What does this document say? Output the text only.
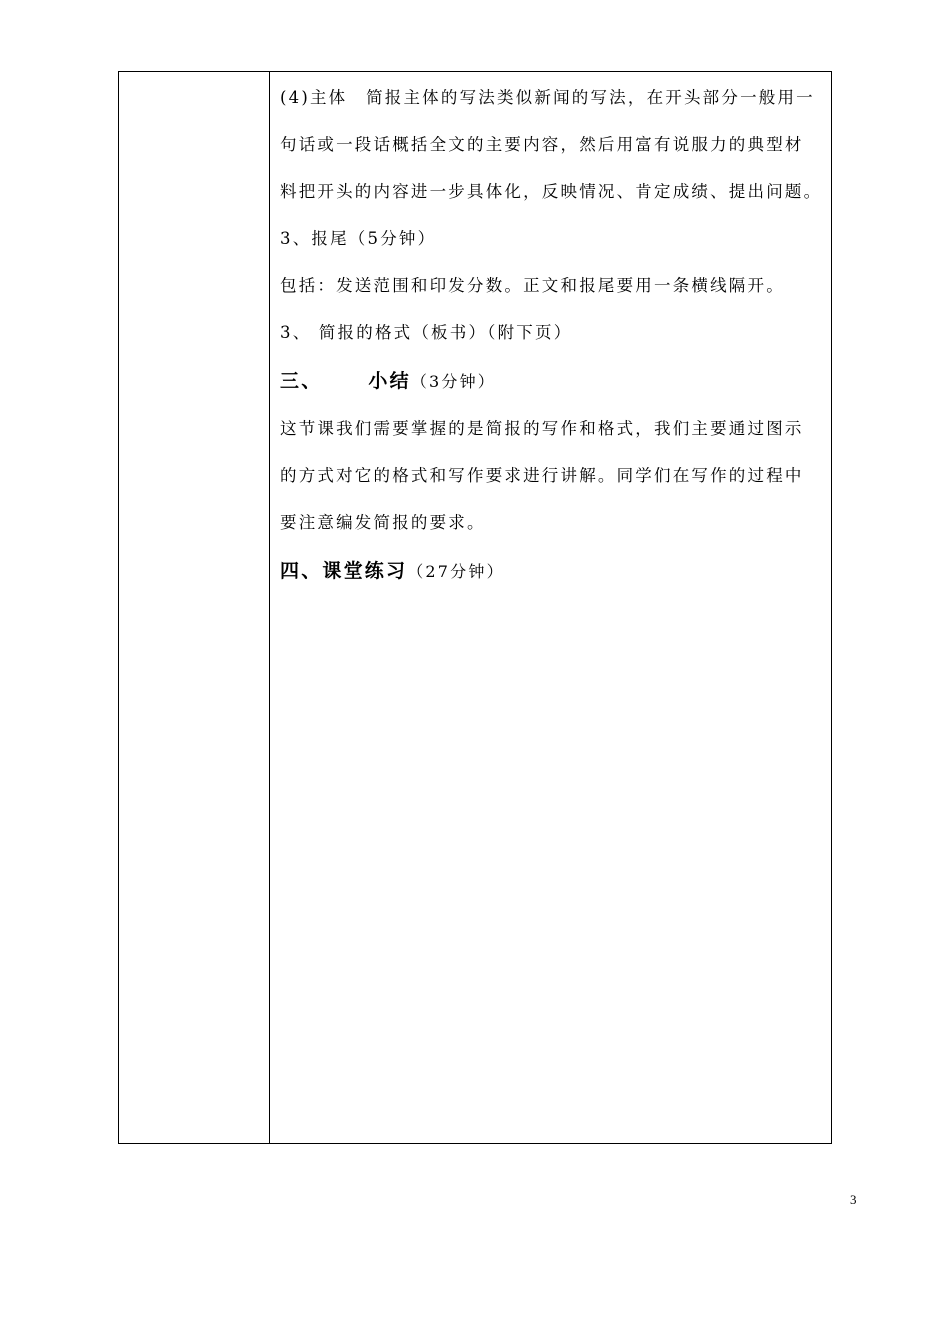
(4)主体　简报主体的写法类似新闻的写法，在开头部分一般用一
句话或一段话概括全文的主要内容，然后用富有说服力的典型材
料把开头的内容进一步具体化，反映情况、肯定成绩、提出问题。
3、报尾（5分钟）
包括：发送范围和印发分数。正文和报尾要用一条横线隔开。
3、 简报的格式（板书）（附下页）
三、 小结（3分钟）
这节课我们需要掌握的是简报的写作和格式，我们主要通过图示
的方式对它的格式和写作要求进行讲解。同学们在写作的过程中
要注意编发简报的要求。
四、课堂练习（27分钟）
3
